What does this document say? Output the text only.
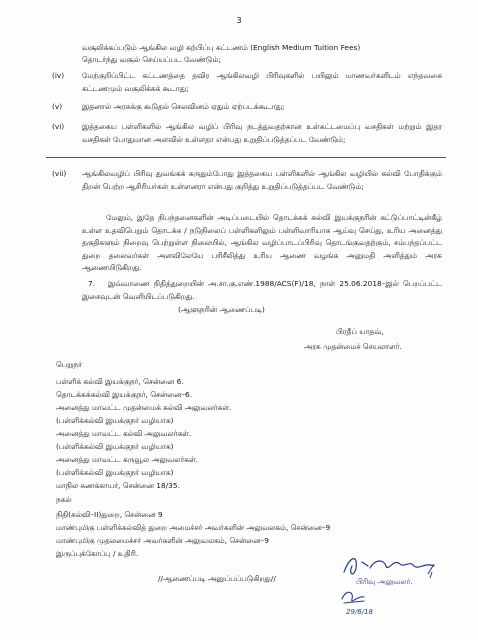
3
வசூலிக்கப்படும் ஆங்கில வழி கற்பிப்பு கட்டணம் (English Medium Tuition Fees)
தொடர்ந்து வசூல் செய்யப்பட வேண்டும்;
(iv) மேற்குறிப்பிட்ட கட்டணத்தை தவிர ஆங்கிலவழி பிரிவுகளில் பயிலும் மாணவர்களிடம் எந்தவகை கட்டணமும் வசூலிக்கக் கூடாது;
(v)	இதனால் அரசுக்கு கூடுதல் செலவினம் ஏதும் ஏற்படக்கூடாது;
(vi) இத்தகைய பள்ளிகளில் ஆங்கில வழிப் பிரிவு நடத்துவதற்கான உள்கட்டமைப்பு வசதிகள் மற்றும் இதர வசதிகள் போதுமான அளவில் உள்ளதா என்பது உறுதிப்படுத்தப்பட வேண்டும்;
(vii) ஆங்கிலவழிப் பிரிவு துவங்கக் கருதும்போது இத்தகைய பள்ளிகளில் ஆங்கில வழியில் கல்வி போதிக்கும் திறன் பெற்ற ஆசிரியர்கள் உள்ளனரா என்பது குறித்து உறுதிப்படுத்தப்பட வேண்டும்;
மேலும், இதே நிபந்தனைகளின் அடிப்படையில் தொடக்கக் கல்வி இயக்குநரின் கட்டுப்பாட்டின்கீழ் உள்ள உதவிபெறும் தொடக்க / நடுநிலைப் பள்ளிகளிலும் பள்ளிவாரியாக ஆய்வு செய்து, உரிய அனைத்து தகுதிகளும் நிறைவு பெற்றுள்ள நிலையில், ஆங்கில வழிப்பாடப்பிரிவு தொடங்குவதற்கும், சம்பந்தப்பட்ட துறை தலைவர்கள் அளவிலேயே பரிசீலித்து உரிய ஆணை வழங்க அனுமதி அளித்தும் அரசு ஆணையிடுகிறது.
7.	இவ்வாணை நிதித்துறையின் அ.சா.கு.எண்.1988/ACS(F)/18, நாள் 25.06.2018–இல் பெறப்பட்ட இசைவுடன் வெளியிடப்படுகிறது.
(ஆளுநரின் ஆணைப்படி)
பிரதீப் யாதவ்,
அரசு முதன்மைச் செயலாளர்.
பெறுநர்
பள்ளிக் கல்வி இயக்குநர், சென்னை 6.
தொடக்கக்கல்வி இயக்குநர், சென்னை–6.
அனைத்து மாவட்ட முதன்மைக் கல்வி அலுவலர்கள்.
(பள்ளிக்கல்வி இயக்குநர் வழியாக)
அனைத்து மாவட்ட கல்வி அலுவலர்கள்.
(பள்ளிக்கல்வி இயக்குநர் வழியாக)
அனைத்து மாவட்ட கருவூல அலுவலர்கள்.
(பள்ளிக்கல்வி இயக்குநர் வழியாக)
மாநில கணக்காயர், சென்னை 18/35.
நகல்
நிதி(கல்வி–II)துறை, சென்னை 9
மாண்புமிகு பள்ளிக்கல்வித் துறை அமைச்சர் அவர்களின் அலுவலகம், சென்னை–9
மாண்புமிகு முதலமைச்சர் அவர்களின் அலுவலகம், சென்னை–9
இருப்புக்கோப்பு / உதிரி.
//ஆணைப்படி அனுப்பப்படுகிறது//	பிரிவு அலுவலர்.
29/6/18
